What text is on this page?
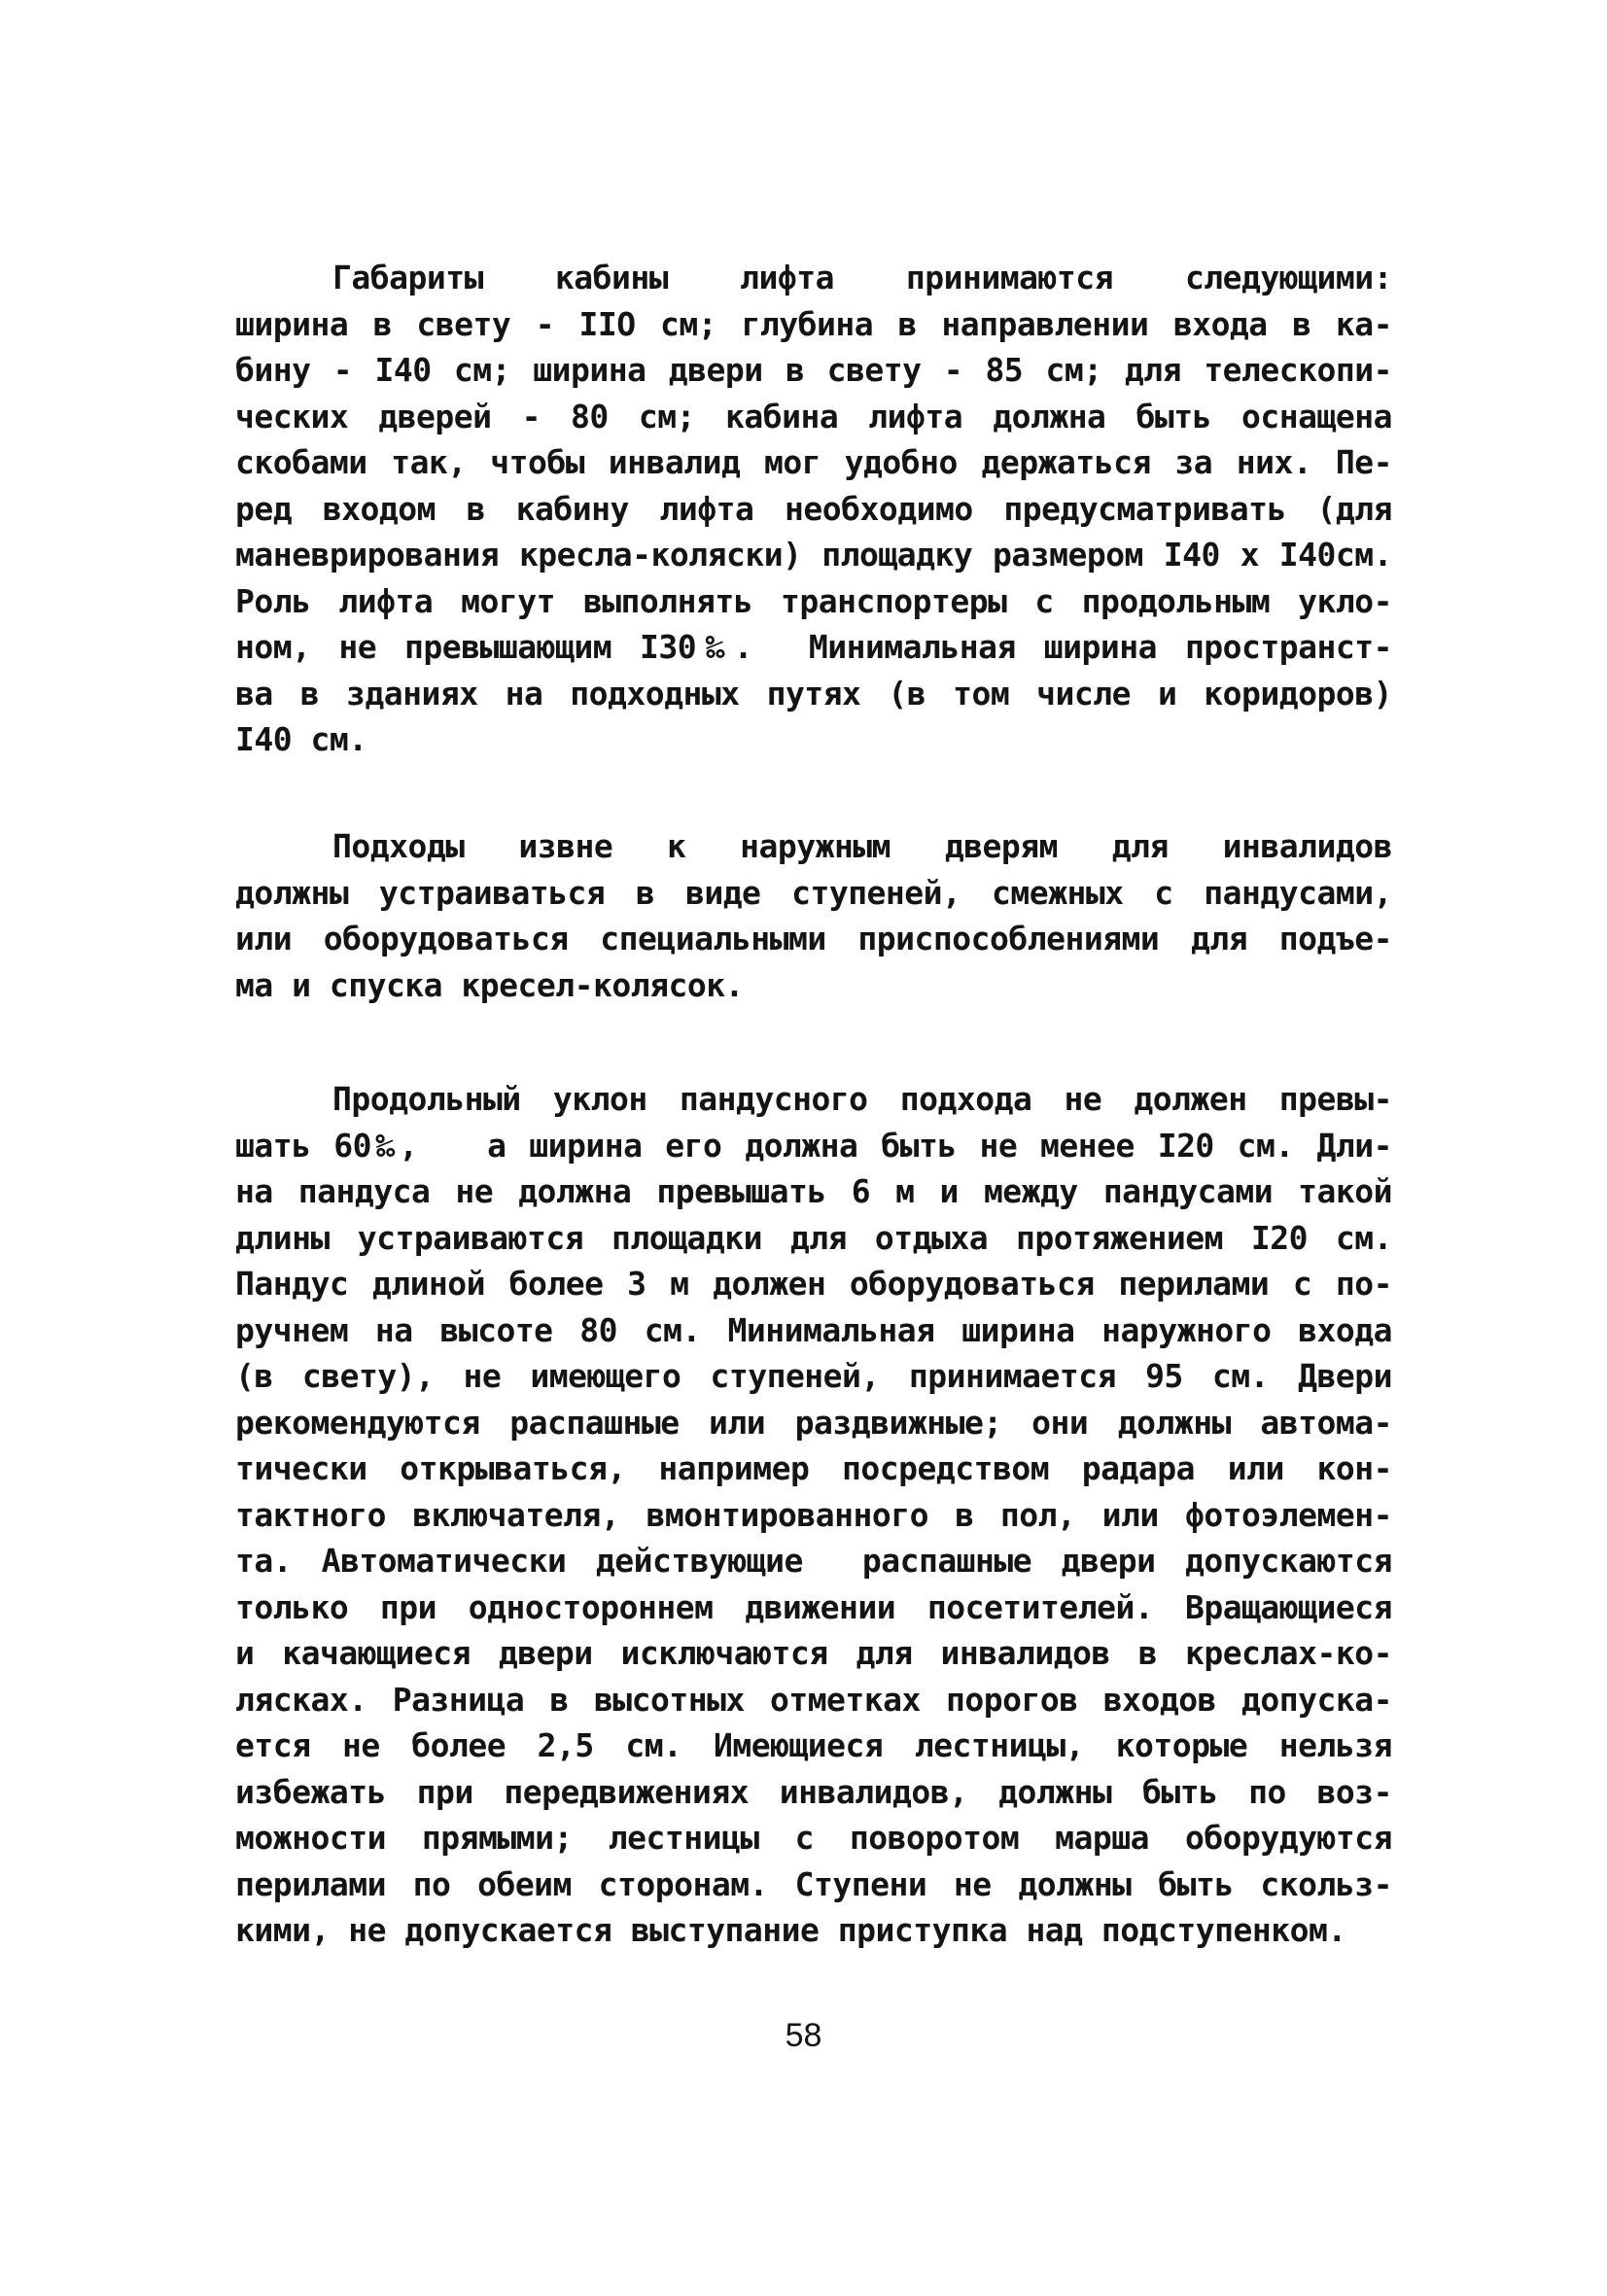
Габариты  кабины  лифта  принимаются  следующими:
ширина в свету - IIO см; глубина в направлении входа в ка-
бину - I40 см; ширина двери в свету - 85 см; для телескопи-
ческих дверей - 80 см; кабина лифта должна быть оснащена
скобами так, чтобы инвалид мог удобно держаться за них. Пе-
ред входом в кабину лифта необходимо предусматривать (для
маневрирования кресла-коляски) площадку размером I40 х I40см.
Роль лифта могут выполнять транспортеры с продольным укло-
ном, не превышающим I30‰.  Минимальная ширина пространст-
ва в зданиях на подходных путях (в том числе и коридоров)
I40 см.
Подходы  извне  к  наружным  дверям  для  инвалидов
должны устраиваться в виде ступеней, смежных с пандусами,
или оборудоваться специальными приспособлениями для подъе-
ма и спуска кресел-колясок.
Продольный уклон пандусного подхода не должен превы-
шать 60‰,   а ширина его должна быть не менее I20 см. Дли-
на пандуса не должна превышать 6 м и между пандусами такой
длины устраиваются площадки для отдыха протяжением I20 см.
Пандус длиной более 3 м должен оборудоваться перилами с по-
ручнем на высоте 80 см. Минимальная ширина наружного входа
(в свету), не имеющего ступеней, принимается 95 см. Двери
рекомендуются распашные или раздвижные; они должны автома-
тически открываться, например посредством радара или кон-
тактного включателя, вмонтированного в пол, или фотоэлемен-
та. Автоматически действующие  распашные двери допускаются
только при одностороннем движении посетителей. Вращающиеся
и качающиеся двери исключаются для инвалидов в креслах-ко-
лясках. Разница в высотных отметках порогов входов допуска-
ется не более 2,5 см. Имеющиеся лестницы, которые нельзя
избежать при передвижениях инвалидов, должны быть по воз-
можности прямыми; лестницы с поворотом марша оборудуются
перилами по обеим сторонам. Ступени не должны быть скольз-
кими, не допускается выступание приступка над подступенком.
58
